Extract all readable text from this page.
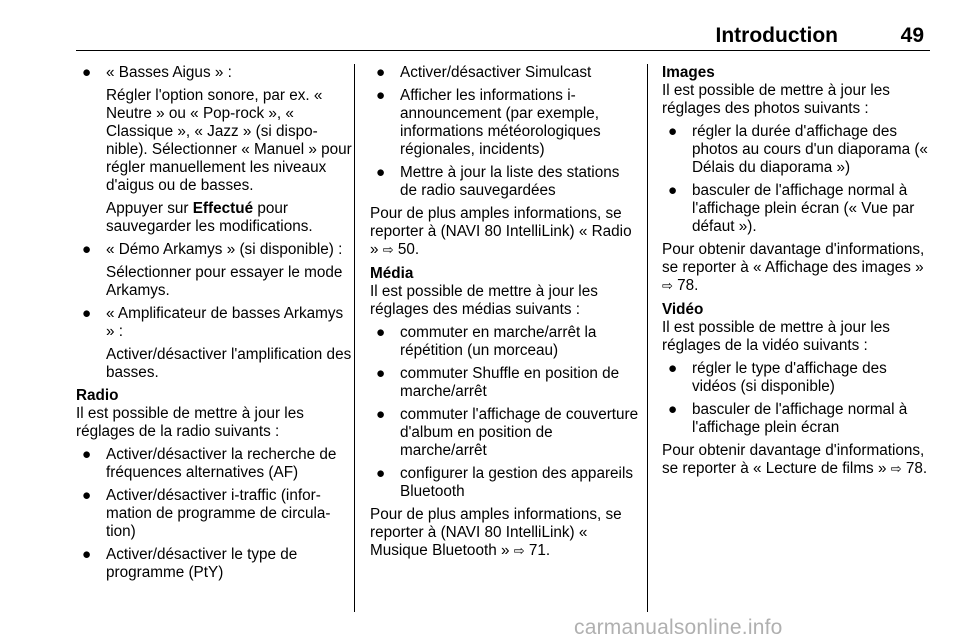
Introduction	49
● « Basses Aigus » :

Régler l'option sonore, par ex. « Neutre » ou « Pop-rock », « Classique », « Jazz » (si disponible). Sélectionner « Manuel » pour régler manuellement les niveaux d'aigus ou de basses.

Appuyer sur Effectué pour sauvegarder les modifications.

● « Démo Arkamys » (si disponible) :

Sélectionner pour essayer le mode Arkamys.

● « Amplificateur de basses Arkamys » :

Activer/désactiver l'amplification des basses.

Radio

Il est possible de mettre à jour les réglages de la radio suivants :

● Activer/désactiver la recherche de fréquences alternatives (AF)
● Activer/désactiver i-traffic (information de programme de circulation)
● Activer/désactiver le type de programme (PtY)
● Activer/désactiver Simulcast
● Afficher les informations i-announcement (par exemple, informations météorologiques régionales, incidents)
● Mettre à jour la liste des stations de radio sauvegardées

Pour de plus amples informations, se reporter à (NAVI 80 IntelliLink) « Radio » ⇨ 50.

Média

Il est possible de mettre à jour les réglages des médias suivants :

● commuter en marche/arrêt la répétition (un morceau)
● commuter Shuffle en position de marche/arrêt
● commuter l'affichage de couverture d'album en position de marche/arrêt
● configurer la gestion des appareils Bluetooth

Pour de plus amples informations, se reporter à (NAVI 80 IntelliLink) « Musique Bluetooth » ⇨ 71.

Images

Il est possible de mettre à jour les réglages des photos suivants :

● régler la durée d'affichage des photos au cours d'un diaporama (« Délais du diaporama »)
● basculer de l'affichage normal à l'affichage plein écran (« Vue par défaut »).

Pour obtenir davantage d'informations, se reporter à « Affichage des images » ⇨ 78.

Vidéo

Il est possible de mettre à jour les réglages de la vidéo suivants :

● régler le type d'affichage des vidéos (si disponible)
● basculer de l'affichage normal à l'affichage plein écran

Pour obtenir davantage d'informations, se reporter à « Lecture de films » ⇨ 78.

carmanualsonline.info
